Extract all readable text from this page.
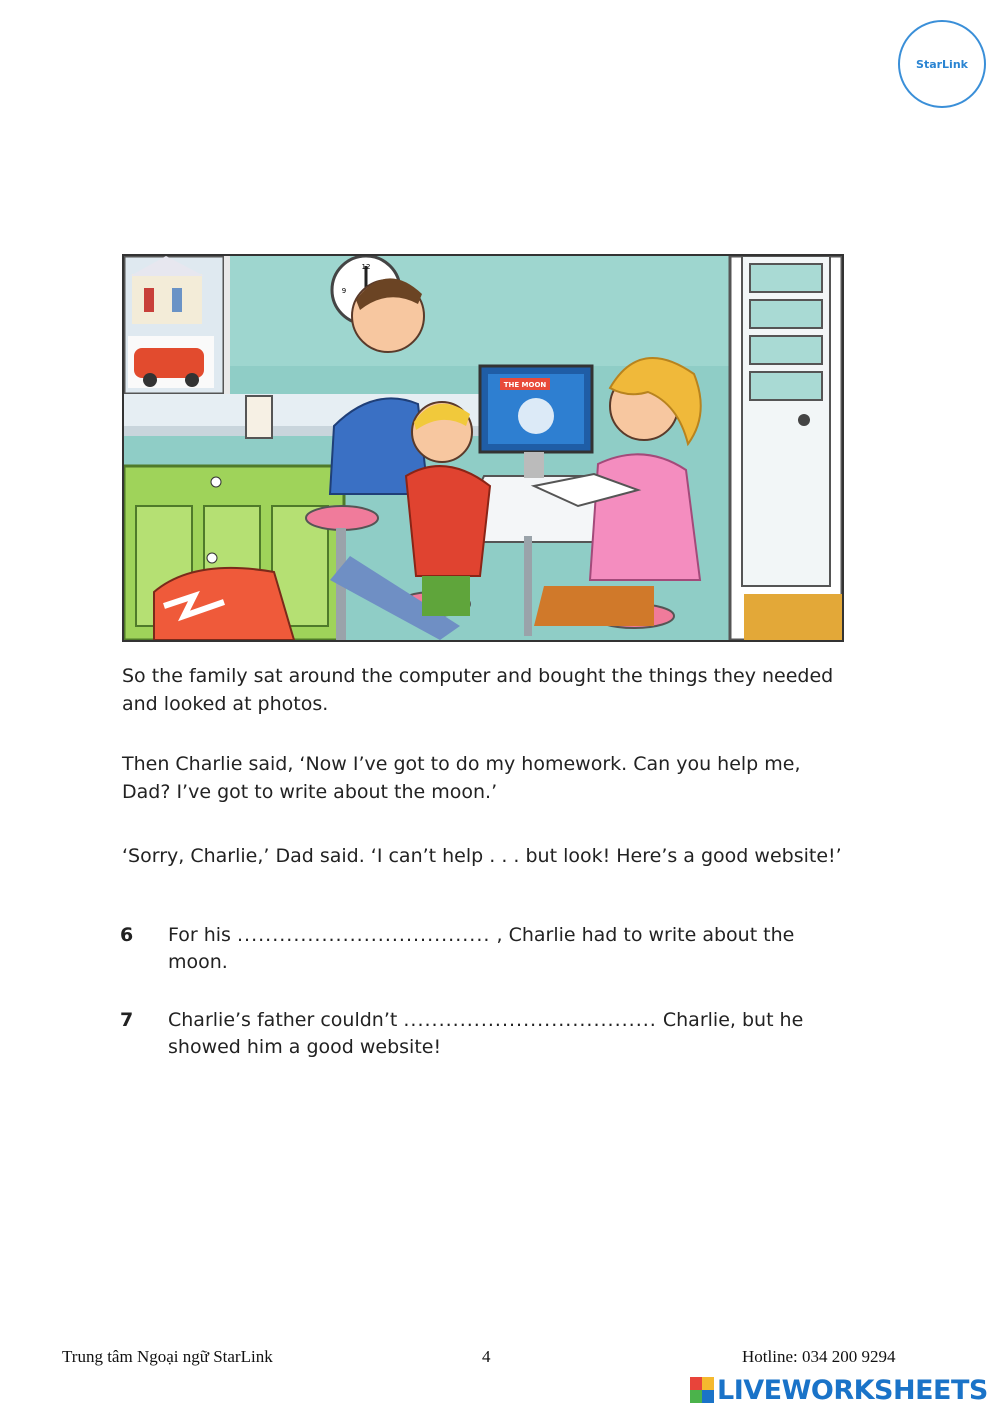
StarLink
12
9
THE MOON

So the family sat around the computer and bought the things they needed and looked at photos.

Then Charlie said, ‘Now I’ve got to do my homework. Can you help me, Dad? I’ve got to write about the moon.’

‘Sorry, Charlie,’ Dad said. ‘I can’t help . . . but look! Here’s a good website!’

6 For his .................................... , Charlie had to write about the moon.
7 Charlie’s father couldn’t .................................... Charlie, but he showed him a good website!
Trung tâm Ngoại ngữ StarLink	4	Hotline: 034 200 9294
LIVEWORKSHEETS
